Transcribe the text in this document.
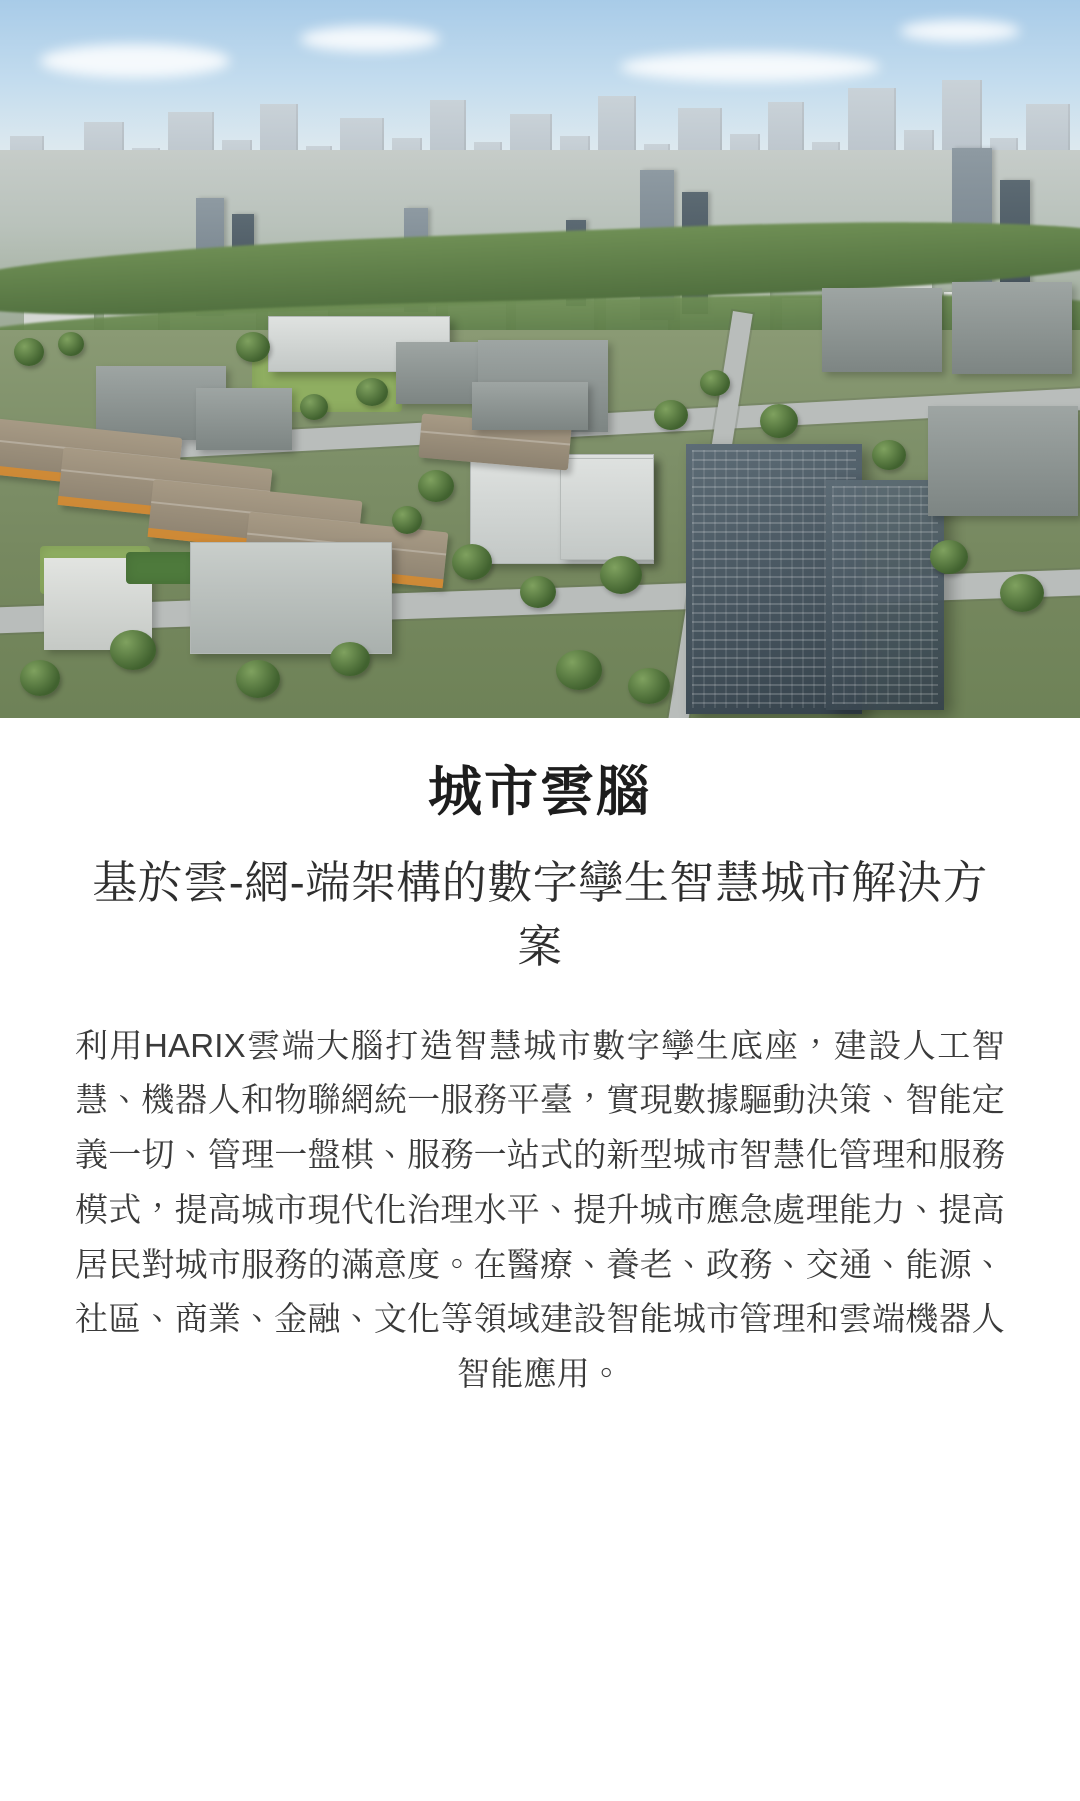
城市雲腦
基於雲-網-端架構的數字孿生智慧城市解決方案

利用HARIX雲端大腦打造智慧城市數字孿生底座，建設人工智慧、機器人和物聯網統一服務平臺，實現數據驅動決策、智能定義一切、管理一盤棋、服務一站式的新型城市智慧化管理和服務模式，提高城市現代化治理水平、提升城市應急處理能力、提高居民對城市服務的滿意度。在醫療、養老、政務、交通、能源、社區、商業、金融、文化等領域建設智能城市管理和雲端機器人智能應用。
